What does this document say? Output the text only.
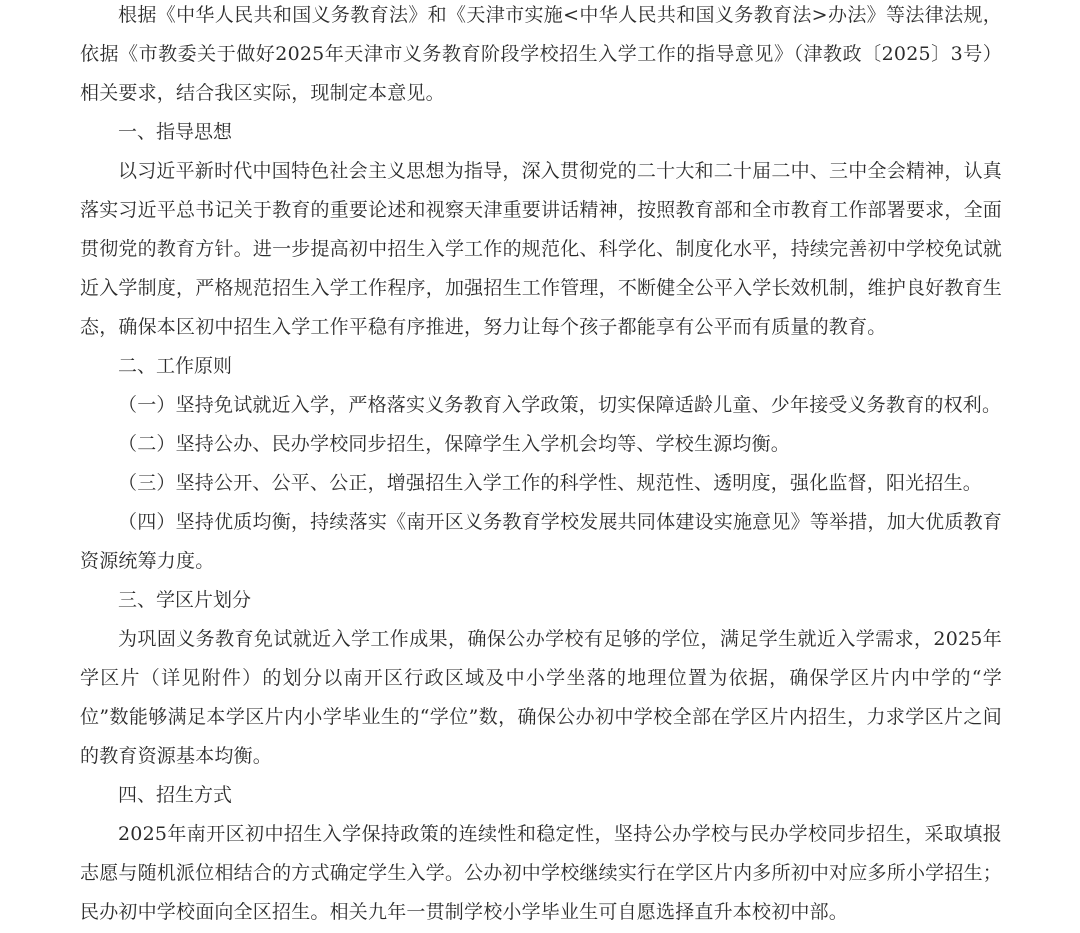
根据《中华人民共和国义务教育法》和《天津市实施<中华人民共和国义务教育法>办法》等法律法规，依据《市教委关于做好2025年天津市义务教育阶段学校招生入学工作的指导意见》（津教政〔2025〕3号）相关要求，结合我区实际，现制定本意见。

一、指导思想

以习近平新时代中国特色社会主义思想为指导，深入贯彻党的二十大和二十届二中、三中全会精神，认真落实习近平总书记关于教育的重要论述和视察天津重要讲话精神，按照教育部和全市教育工作部署要求，全面贯彻党的教育方针。进一步提高初中招生入学工作的规范化、科学化、制度化水平，持续完善初中学校免试就近入学制度，严格规范招生入学工作程序，加强招生工作管理，不断健全公平入学长效机制，维护良好教育生态，确保本区初中招生入学工作平稳有序推进，努力让每个孩子都能享有公平而有质量的教育。

二、工作原则

（一）坚持免试就近入学，严格落实义务教育入学政策，切实保障适龄儿童、少年接受义务教育的权利。

（二）坚持公办、民办学校同步招生，保障学生入学机会均等、学校生源均衡。

（三）坚持公开、公平、公正，增强招生入学工作的科学性、规范性、透明度，强化监督，阳光招生。

（四）坚持优质均衡，持续落实《南开区义务教育学校发展共同体建设实施意见》等举措，加大优质教育资源统筹力度。

三、学区片划分

为巩固义务教育免试就近入学工作成果，确保公办学校有足够的学位，满足学生就近入学需求，2025年学区片（详见附件）的划分以南开区行政区域及中小学坐落的地理位置为依据，确保学区片内中学的“学位”数能够满足本学区片内小学毕业生的“学位”数，确保公办初中学校全部在学区片内招生，力求学区片之间的教育资源基本均衡。

四、招生方式

2025年南开区初中招生入学保持政策的连续性和稳定性，坚持公办学校与民办学校同步招生，采取填报志愿与随机派位相结合的方式确定学生入学。公办初中学校继续实行在学区片内多所初中对应多所小学招生；民办初中学校面向全区招生。相关九年一贯制学校小学毕业生可自愿选择直升本校初中部。
